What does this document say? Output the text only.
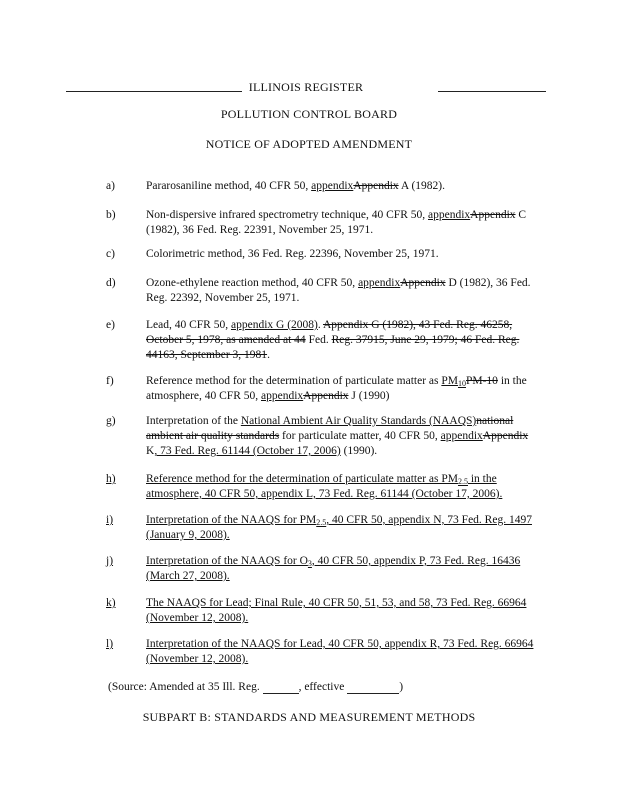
ILLINOIS REGISTER
POLLUTION CONTROL BOARD
NOTICE OF ADOPTED AMENDMENT
a)	Pararosaniline method, 40 CFR 50, appendixAppendix A (1982).
b)	Non-dispersive infrared spectrometry technique, 40 CFR 50, appendixAppendix C (1982), 36 Fed. Reg. 22391, November 25, 1971.
c)	Colorimetric method, 36 Fed. Reg. 22396, November 25, 1971.
d)	Ozone-ethylene reaction method, 40 CFR 50, appendixAppendix D (1982), 36 Fed. Reg. 22392, November 25, 1971.
e)	Lead, 40 CFR 50, appendix G (2008). Appendix G (1982), 43 Fed. Reg. 46258, October 5, 1978, as amended at 44 Fed. Reg. 37915, June 29, 1979; 46 Fed. Reg. 44163, September 3, 1981.
f)	Reference method for the determination of particulate matter as $PM_{10}PM-10$ in the atmosphere, 40 CFR 50, appendixAppendix J (1990)
g)	Interpretation of the National Ambient Air Quality Standards (NAAQS)national ambient air quality standards for particulate matter, 40 CFR 50, appendixAppendix K, 73 Fed. Reg. 61144 (October 17, 2006) (1990).
h)	Reference method for the determination of particulate matter as $PM_{2.5}$ in the atmosphere, 40 CFR 50, appendix L, 73 Fed. Reg. 61144 (October 17, 2006).
i)	Interpretation of the NAAQS for $PM_{2.5}$, 40 CFR 50, appendix N, 73 Fed. Reg. 1497 (January 9, 2008).
j)	Interpretation of the NAAQS for $O_3$, 40 CFR 50, appendix P, 73 Fed. Reg. 16436 (March 27, 2008).
k)	The NAAQS for Lead; Final Rule, 40 CFR 50, 51, 53, and 58, 73 Fed. Reg. 66964 (November 12, 2008).
l)	Interpretation of the NAAQS for Lead, 40 CFR 50, appendix R, 73 Fed. Reg. 66964 (November 12, 2008).
(Source: Amended at 35 Ill. Reg.	, effective	)
SUBPART B: STANDARDS AND MEASUREMENT METHODS
